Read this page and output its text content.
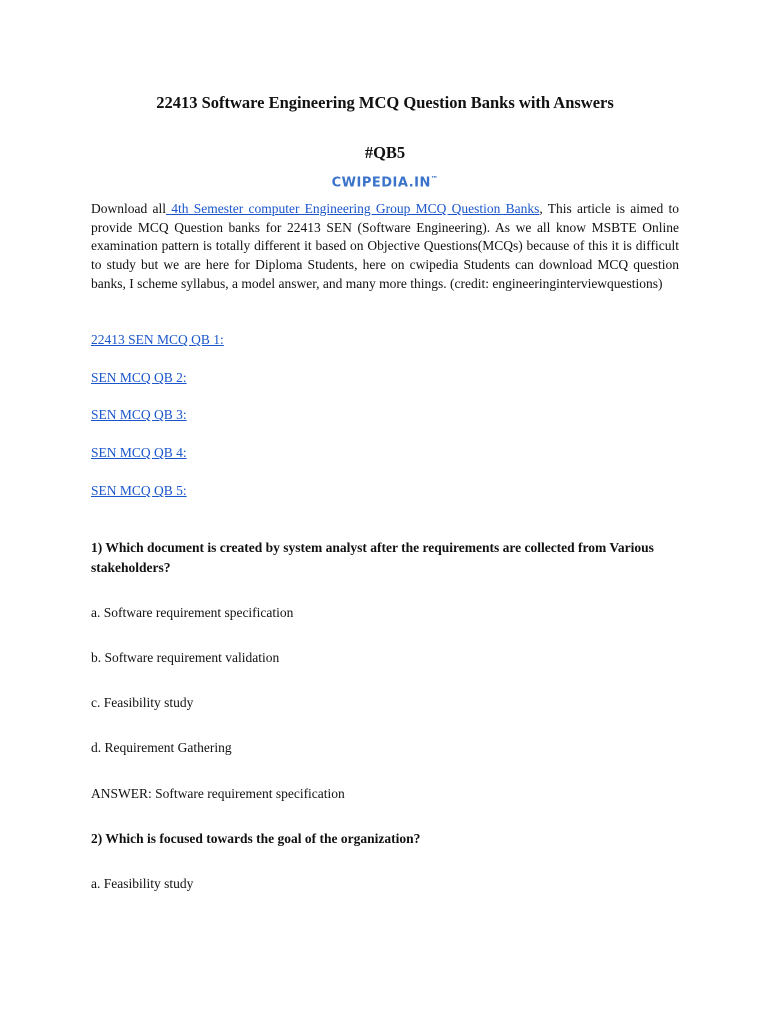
22413 Software Engineering MCQ Question Banks with Answers
#QB5
CWIPEDIA.IN™
Download all 4th Semester computer Engineering Group MCQ Question Banks, This article is aimed to provide MCQ Question banks for 22413 SEN (Software Engineering). As we all know MSBTE Online examination pattern is totally different it based on Objective Questions(MCQs) because of this it is difficult to study but we are here for Diploma Students, here on cwipedia Students can download MCQ question banks, I scheme syllabus, a model answer, and many more things. (credit: engineeringinterviewquestions)
22413 SEN MCQ QB 1:
SEN MCQ QB 2:
SEN MCQ QB 3:
SEN MCQ QB 4:
SEN MCQ QB 5:
1) Which document is created by system analyst after the requirements are collected from Various stakeholders?
a. Software requirement specification
b. Software requirement validation
c. Feasibility study
d. Requirement Gathering
ANSWER: Software requirement specification
2) Which is focused towards the goal of the organization?
a. Feasibility study
